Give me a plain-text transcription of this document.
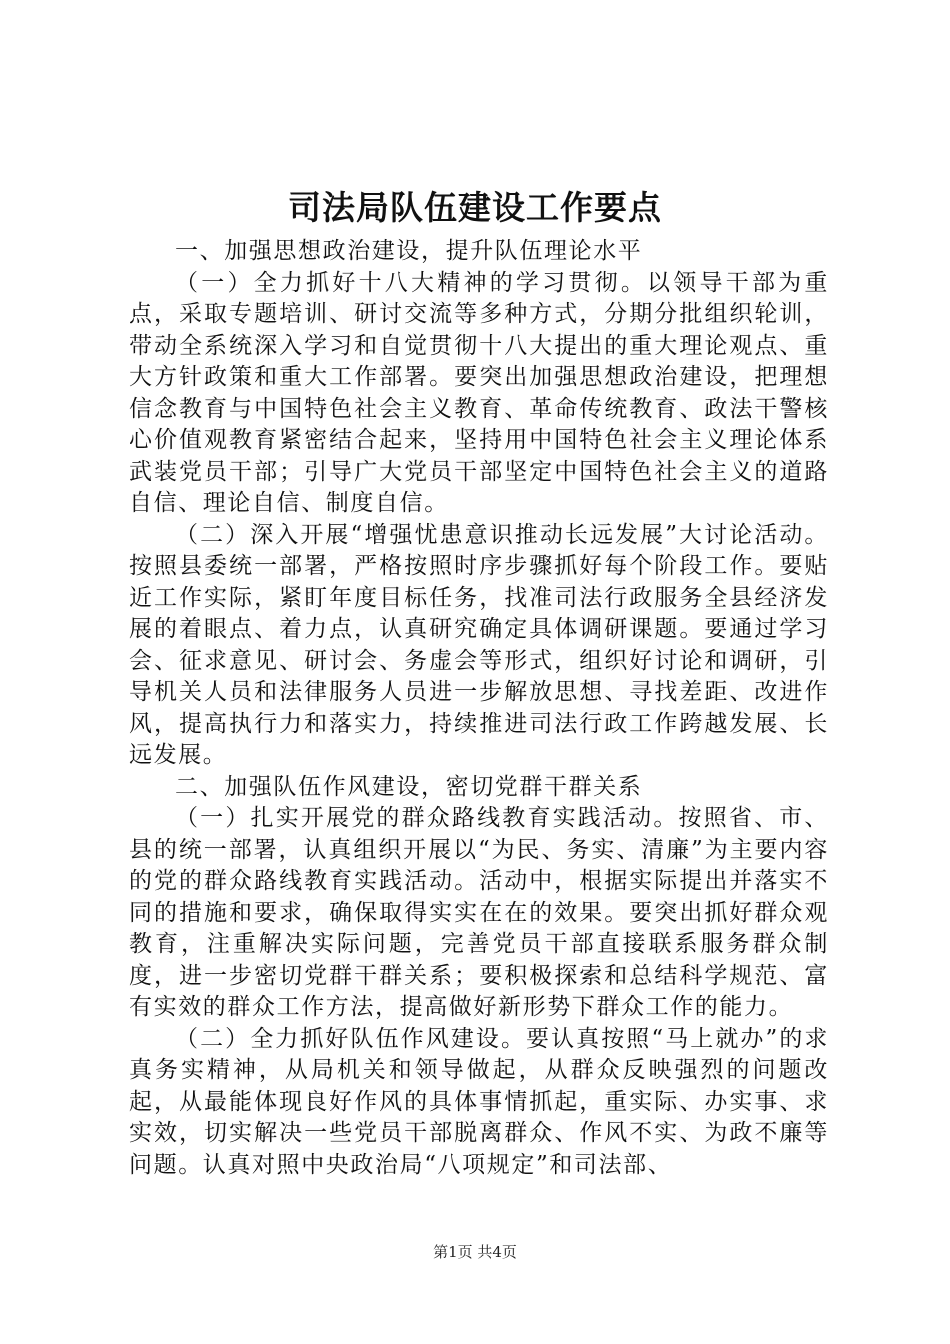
司法局队伍建设工作要点

一、加强思想政治建设，提升队伍理论水平

（一）全力抓好十八大精神的学习贯彻。以领导干部为重点，采取专题培训、研讨交流等多种方式，分期分批组织轮训，带动全系统深入学习和自觉贯彻十八大提出的重大理论观点、重大方针政策和重大工作部署。要突出加强思想政治建设，把理想信念教育与中国特色社会主义教育、革命传统教育、政法干警核心价值观教育紧密结合起来，坚持用中国特色社会主义理论体系武装党员干部；引导广大党员干部坚定中国特色社会主义的道路自信、理论自信、制度自信。

（二）深入开展“增强忧患意识推动长远发展”大讨论活动。按照县委统一部署，严格按照时序步骤抓好每个阶段工作。要贴近工作实际，紧盯年度目标任务，找准司法行政服务全县经济发展的着眼点、着力点，认真研究确定具体调研课题。要通过学习会、征求意见、研讨会、务虚会等形式，组织好讨论和调研，引导机关人员和法律服务人员进一步解放思想、寻找差距、改进作风，提高执行力和落实力，持续推进司法行政工作跨越发展、长远发展。

二、加强队伍作风建设，密切党群干群关系

（一）扎实开展党的群众路线教育实践活动。按照省、市、县的统一部署，认真组织开展以“为民、务实、清廉”为主要内容的党的群众路线教育实践活动。活动中，根据实际提出并落实不同的措施和要求，确保取得实实在在的效果。要突出抓好群众观教育，注重解决实际问题，完善党员干部直接联系服务群众制度，进一步密切党群干群关系；要积极探索和总结科学规范、富有实效的群众工作方法，提高做好新形势下群众工作的能力。

（二）全力抓好队伍作风建设。要认真按照“马上就办”的求真务实精神，从局机关和领导做起，从群众反映强烈的问题改起，从最能体现良好作风的具体事情抓起，重实际、办实事、求实效，切实解决一些党员干部脱离群众、作风不实、为政不廉等问题。认真对照中央政治局“八项规定”和司法部、

第1页 共4页
